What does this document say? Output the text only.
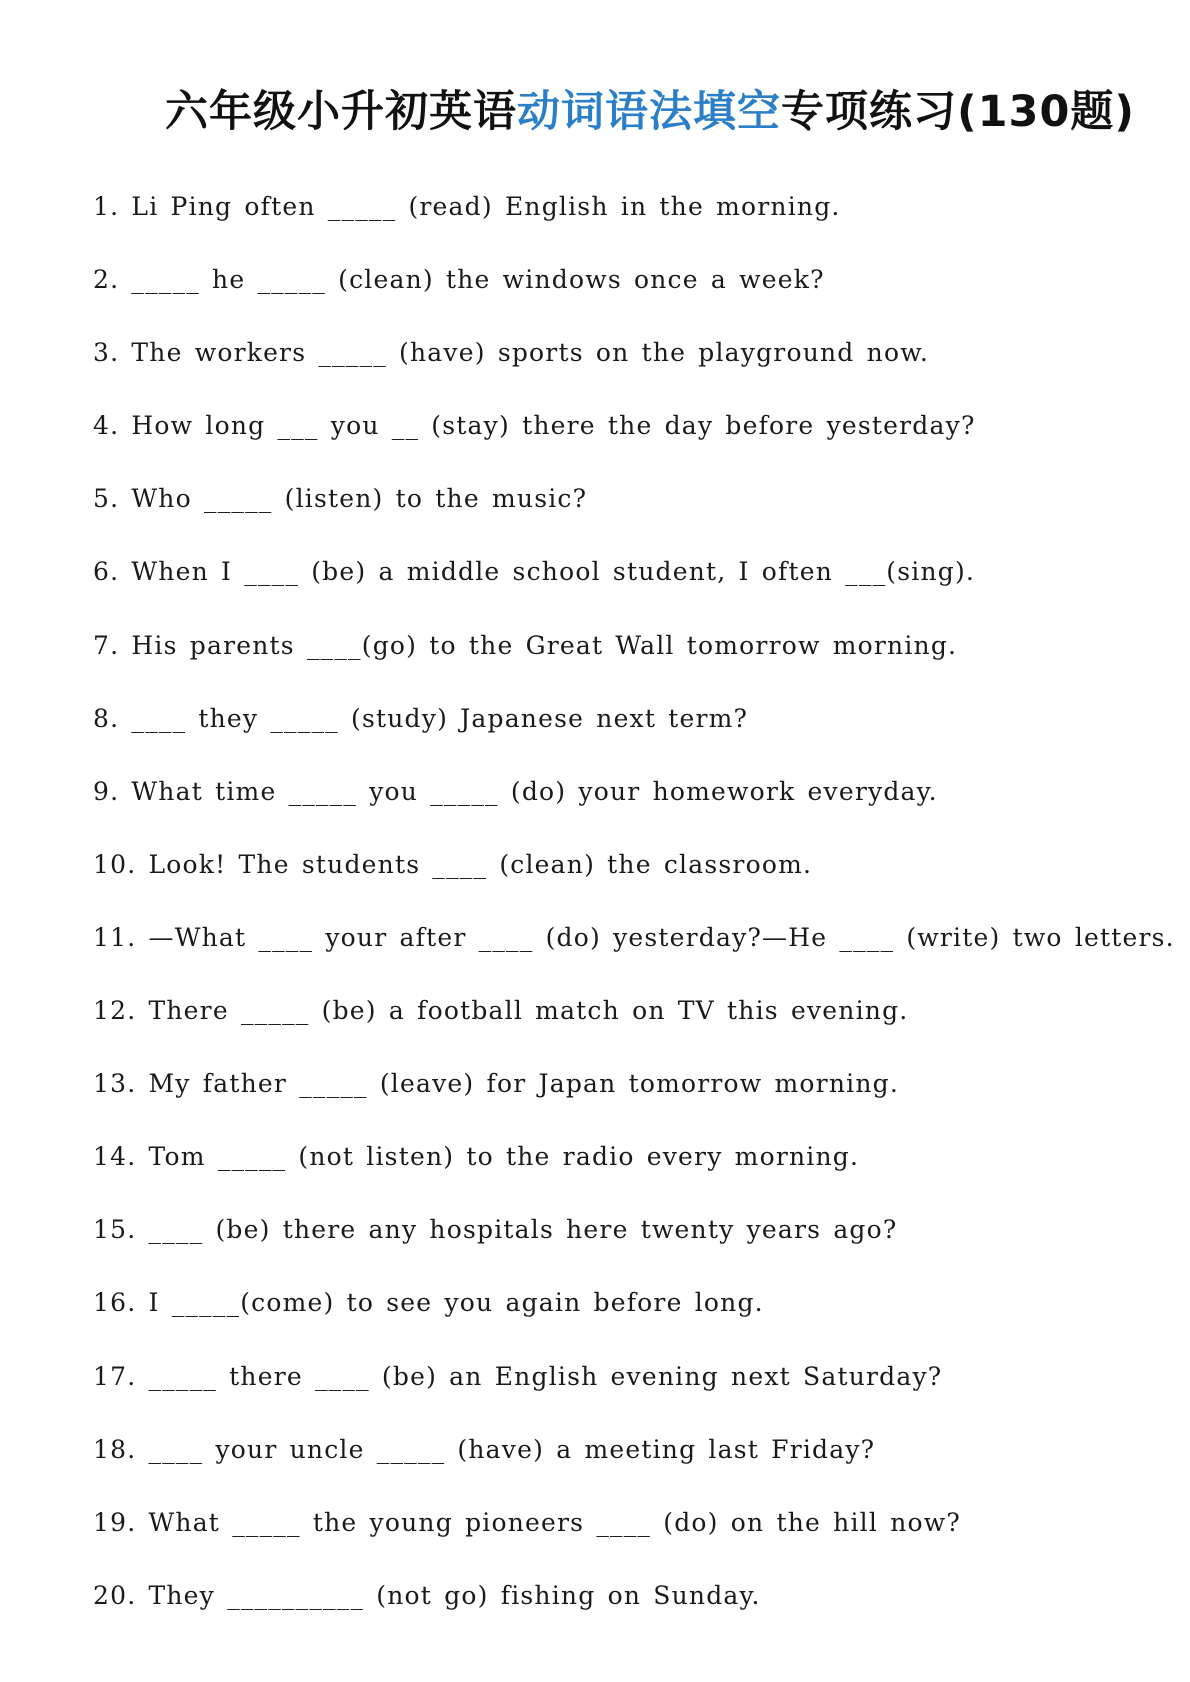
六年级小升初英语动词语法填空专项练习(130题)
1. Li Ping often _____ (read) English in the morning.
2. _____ he _____ (clean) the windows once a week?
3. The workers _____ (have) sports on the playground now.
4. How long ___ you __ (stay) there the day before yesterday?
5. Who _____ (listen) to the music?
6. When I ____ (be) a middle school student, I often ___(sing).
7. His parents ____(go) to the Great Wall tomorrow morning.
8. ____ they _____ (study) Japanese next term?
9. What time _____ you _____ (do) your homework everyday.
10. Look! The students ____ (clean) the classroom.
11. —What ____ your after ____ (do) yesterday?—He ____ (write) two letters.
12. There _____ (be) a football match on TV this evening.
13. My father _____ (leave) for Japan tomorrow morning.
14. Tom _____ (not listen) to the radio every morning.
15. ____ (be) there any hospitals here twenty years ago?
16. I _____(come) to see you again before long.
17. _____ there ____ (be) an English evening next Saturday?
18. ____ your uncle _____ (have) a meeting last Friday?
19. What _____ the young pioneers ____ (do) on the hill now?
20. They __________ (not go) fishing on Sunday.
